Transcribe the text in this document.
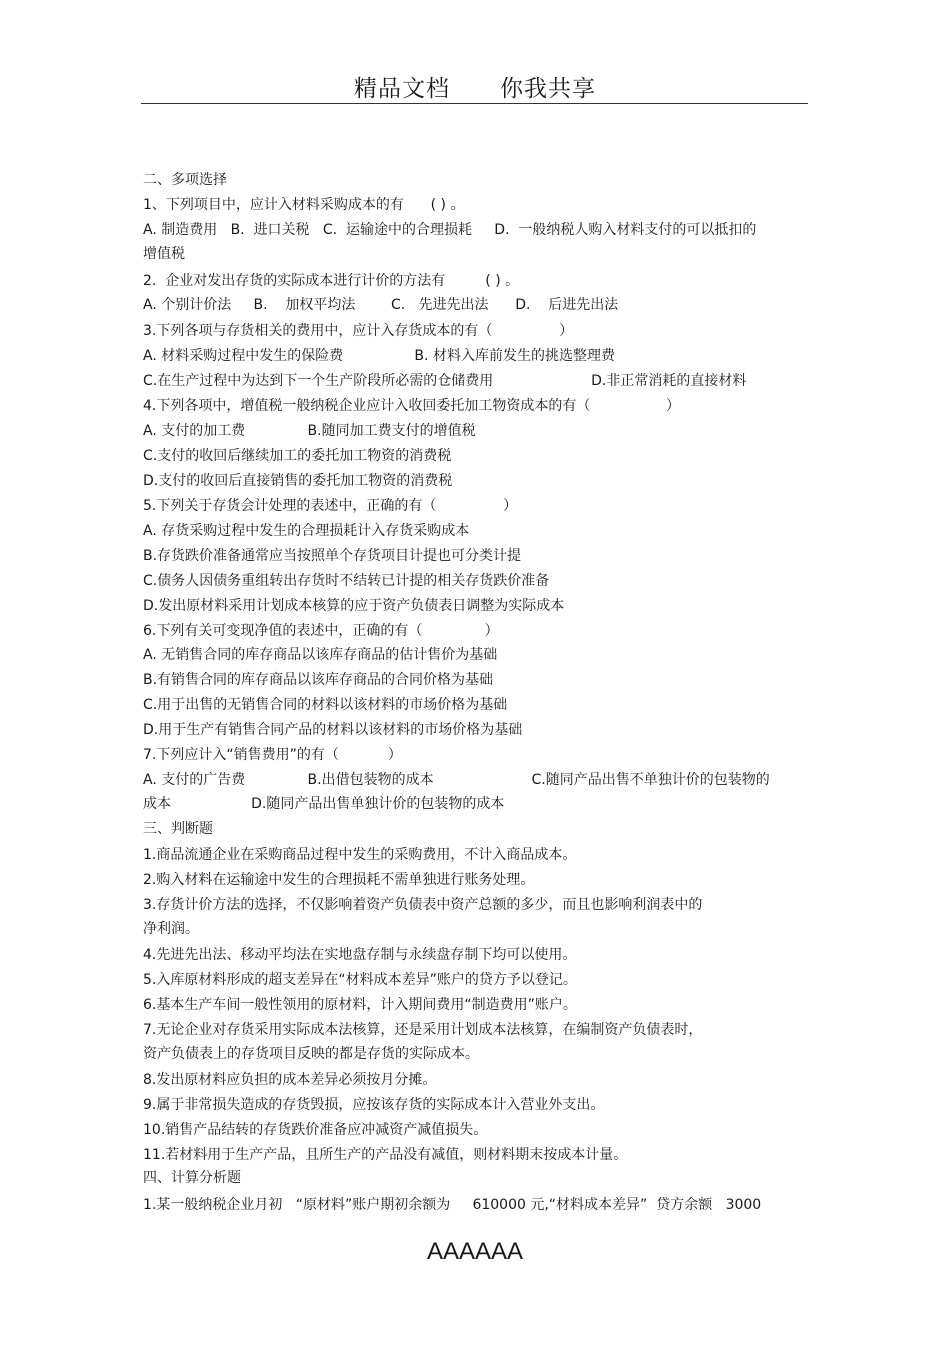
精品文档 你我共享
二、多项选择
1、下列项目中，应计入材料采购成本的有      ( ) 。
A. 制造费用   B.  进口关税   C.  运输途中的合理损耗     D.  一般纳税人购入材料支付的可以抵扣的
增值税
2.  企业对发出存货的实际成本进行计价的方法有         ( ) 。
A. 个别计价法     B.    加权平均法        C.   先进先出法      D.    后进先出法
3.下列各项与存货相关的费用中，应计入存货成本的有（               ）
A. 材料采购过程中发生的保险费                B. 材料入库前发生的挑选整理费
C.在生产过程中为达到下一个生产阶段所必需的仓储费用                      D.非正常消耗的直接材料
4.下列各项中，增值税一般纳税企业应计入收回委托加工物资成本的有（                 ）
A. 支付的加工费              B.随同加工费支付的增值税
C.支付的收回后继续加工的委托加工物资的消费税
D.支付的收回后直接销售的委托加工物资的消费税
5.下列关于存货会计处理的表述中，正确的有（               ）
A. 存货采购过程中发生的合理损耗计入存货采购成本
B.存货跌价准备通常应当按照单个存货项目计提也可分类计提
C.债务人因债务重组转出存货时不结转已计提的相关存货跌价准备
D.发出原材料采用计划成本核算的应于资产负债表日调整为实际成本
6.下列有关可变现净值的表述中，正确的有（              ）
A. 无销售合同的库存商品以该库存商品的估计售价为基础
B.有销售合同的库存商品以该库存商品的合同价格为基础
C.用于出售的无销售合同的材料以该材料的市场价格为基础
D.用于生产有销售合同产品的材料以该材料的市场价格为基础
7.下列应计入“销售费用”的有（           ）
A. 支付的广告费              B.出借包装物的成本                      C.随同产品出售不单独计价的包装物的
成本                  D.随同产品出售单独计价的包装物的成本
三、判断题
1.商品流通企业在采购商品过程中发生的采购费用，不计入商品成本。
2.购入材料在运输途中发生的合理损耗不需单独进行账务处理。
3.存货计价方法的选择，不仅影响着资产负债表中资产总额的多少，而且也影响利润表中的
净利润。
4.先进先出法、移动平均法在实地盘存制与永续盘存制下均可以使用。
5.入库原材料形成的超支差异在“材料成本差异”账户的贷方予以登记。
6.基本生产车间一般性领用的原材料，计入期间费用“制造费用”账户。
7.无论企业对存货采用实际成本法核算，还是采用计划成本法核算，在编制资产负债表时，
资产负债表上的存货项目反映的都是存货的实际成本。
8.发出原材料应负担的成本差异必须按月分摊。
9.属于非常损失造成的存货毁损，应按该存货的实际成本计入营业外支出。
10.销售产品结转的存货跌价准备应冲减资产减值损失。
11.若材料用于生产产品，且所生产的产品没有减值，则材料期末按成本计量。
四、计算分析题
1.某一般纳税企业月初   “原材料”账户期初余额为     610000 元,“材料成本差异”  贷方余额   3000
AAAAAA
